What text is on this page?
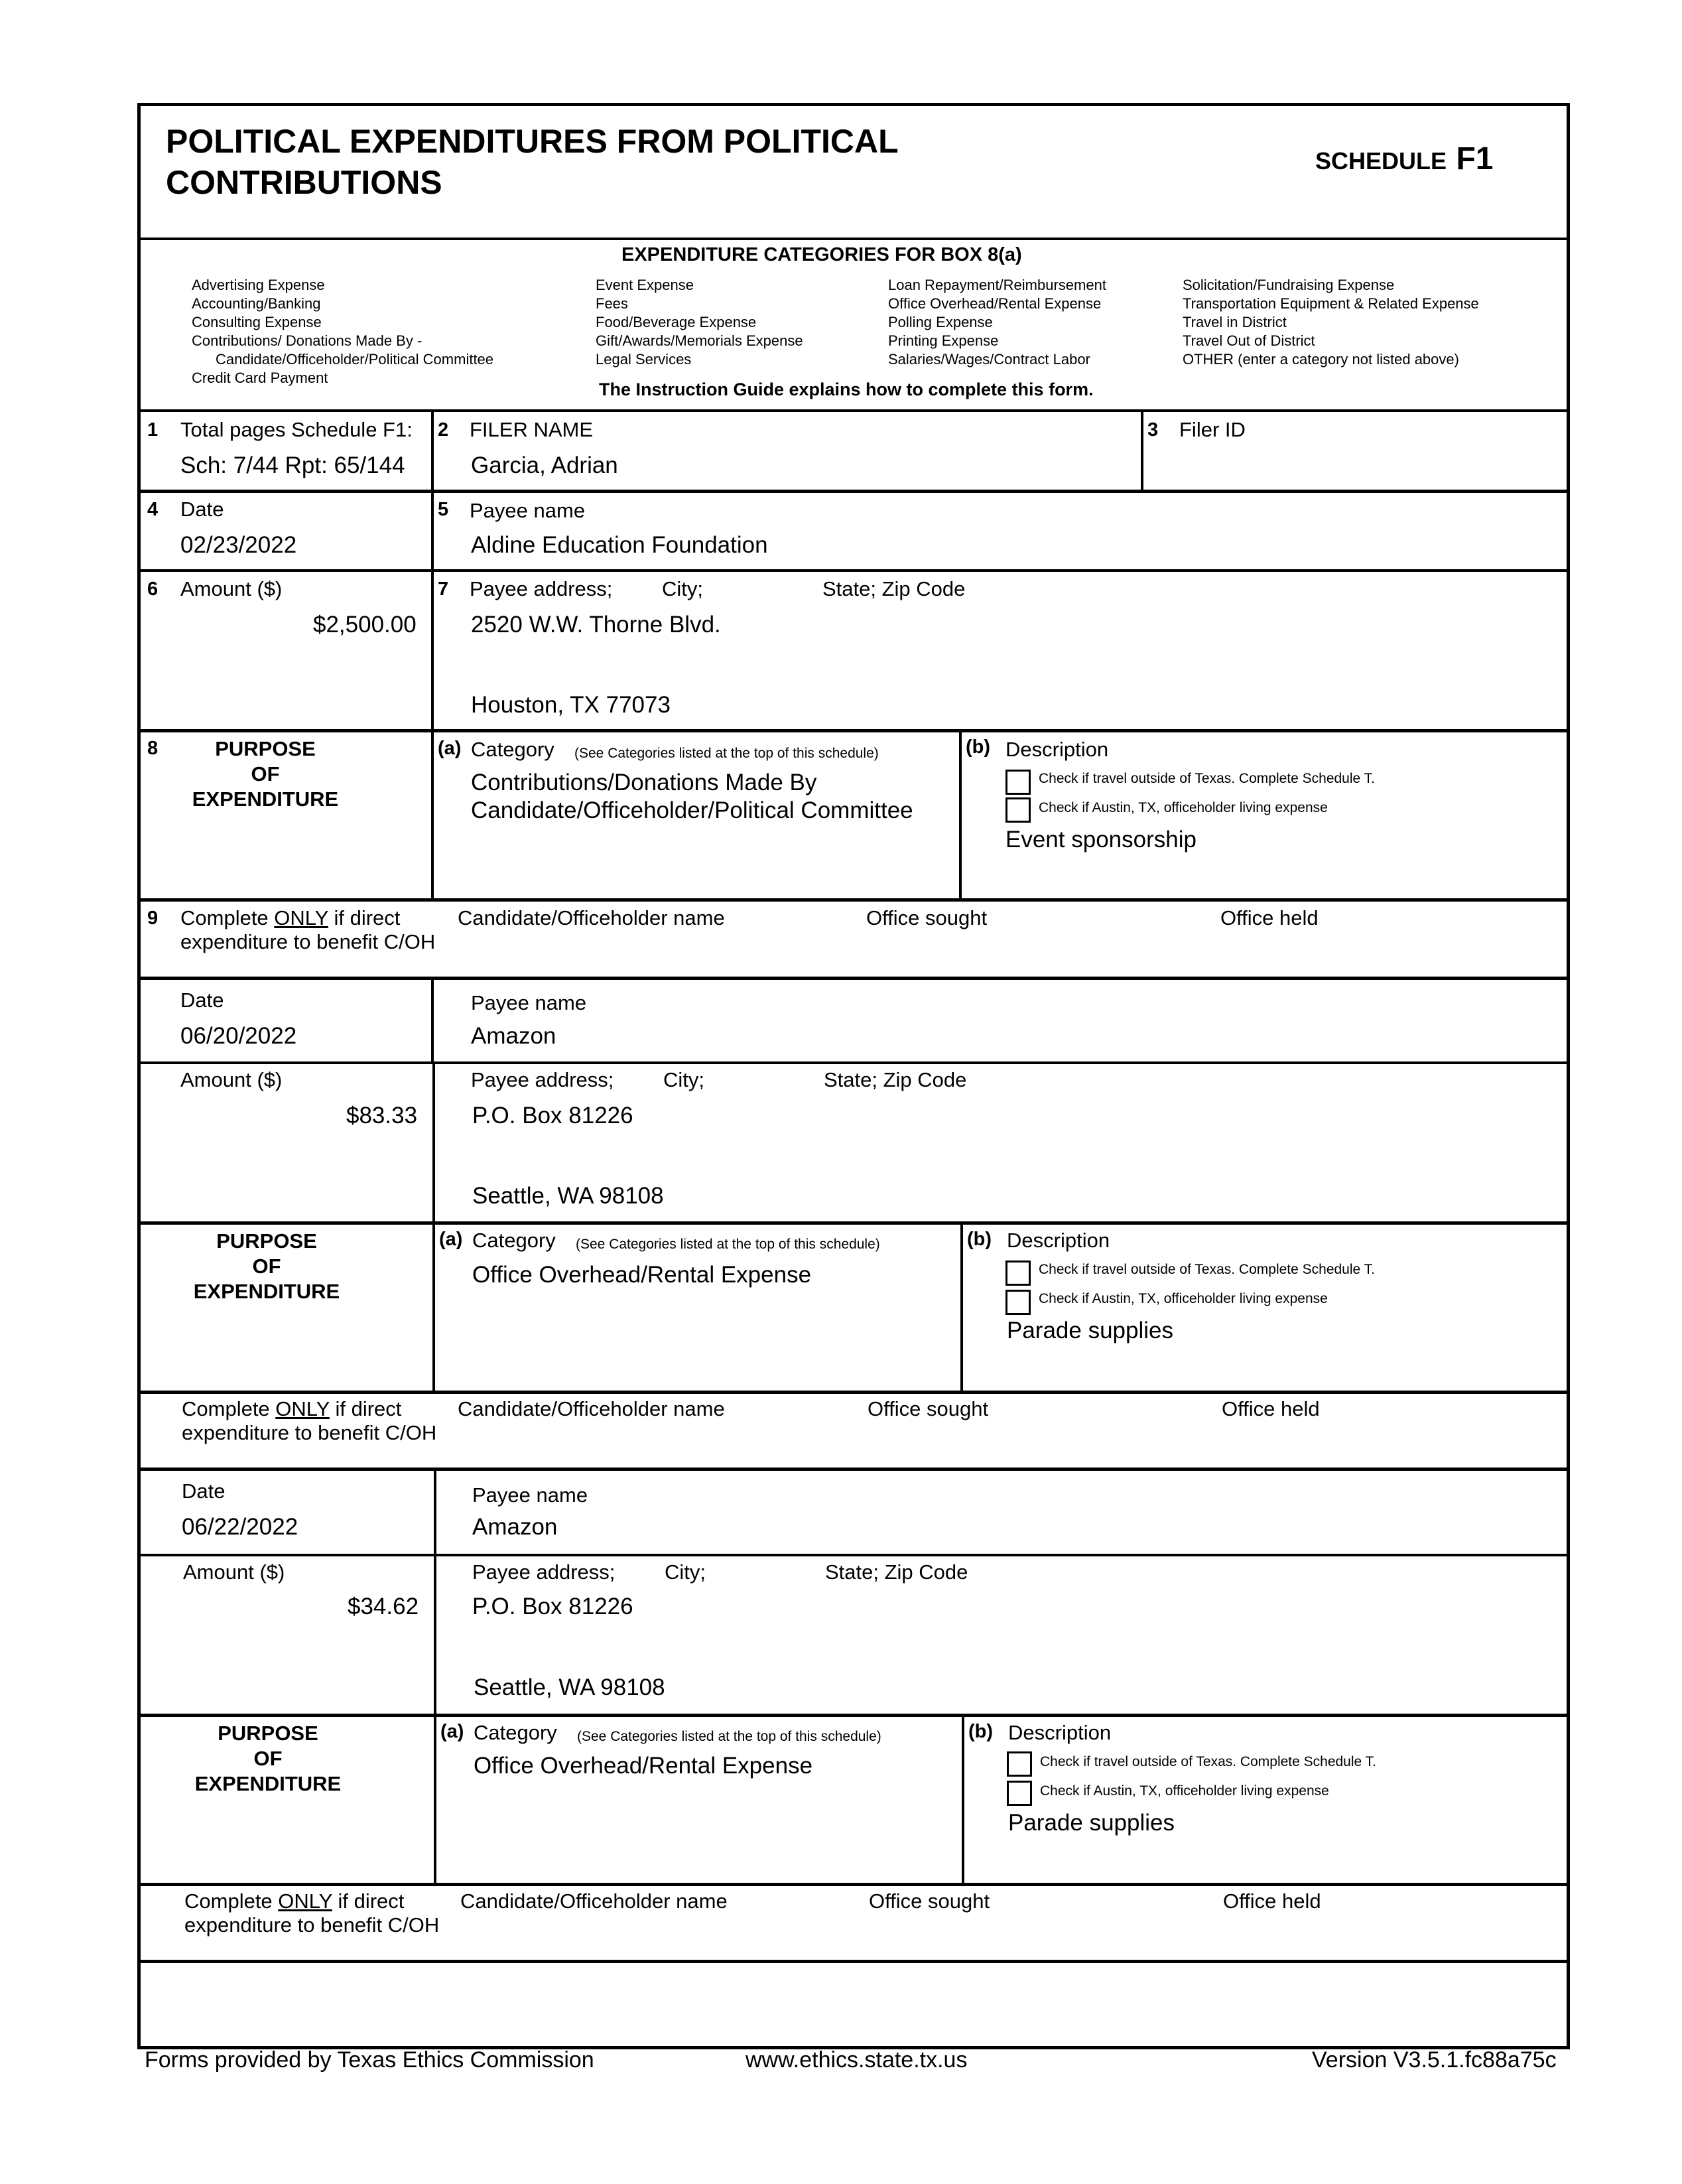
POLITICAL EXPENDITURES FROM POLITICAL
CONTRIBUTIONS
SCHEDULE F1
EXPENDITURE CATEGORIES FOR BOX 8(a)
Advertising Expense
Accounting/Banking
Consulting Expense
Contributions/ Donations Made By -
Candidate/Officeholder/Political Committee
Credit Card Payment
Event Expense
Fees
Food/Beverage Expense
Gift/Awards/Memorials Expense
Legal Services
Loan Repayment/Reimbursement
Office Overhead/Rental Expense
Polling Expense
Printing Expense
Salaries/Wages/Contract Labor
Solicitation/Fundraising Expense
Transportation Equipment & Related Expense
Travel in District
Travel Out of District
OTHER (enter a category not listed above)
The Instruction Guide explains how to complete this form.
1 Total pages Schedule F1:
Sch: 7/44 Rpt: 65/144
2 FILER NAME
Garcia, Adrian
3 Filer ID
4 Date
02/23/2022
5 Payee name
Aldine Education Foundation
6 Amount ($)
$2,500.00
7 Payee address; City;	State; Zip Code
2520 W.W. Thorne Blvd.
Houston, TX 77073
8	PURPOSE
OF
EXPENDITURE
(a) Category (See Categories listed at the top of this schedule)
Contributions/Donations Made By
Candidate/Officeholder/Political Committee
(b) Description
Check if travel outside of Texas. Complete Schedule T.
Check if Austin, TX, officeholder living expense
Event sponsorship
9 Complete ONLY if direct
expenditure to benefit C/OH
Candidate/Officeholder name	Office sought	Office held
Date
06/20/2022
Payee name
Amazon
Amount ($)
$83.33
Payee address; City;	State; Zip Code
P.O. Box 81226
Seattle, WA 98108
PURPOSE
OF
EXPENDITURE
(a) Category (See Categories listed at the top of this schedule)
Office Overhead/Rental Expense
(b) Description
Check if travel outside of Texas. Complete Schedule T.
Check if Austin, TX, officeholder living expense
Parade supplies
Complete ONLY if direct
expenditure to benefit C/OH
Candidate/Officeholder name	Office sought	Office held
Date
06/22/2022
Payee name
Amazon
Amount ($)
$34.62
Payee address; City;	State; Zip Code
P.O. Box 81226
Seattle, WA 98108
PURPOSE
OF
EXPENDITURE
(a) Category (See Categories listed at the top of this schedule)
Office Overhead/Rental Expense
(b) Description
Check if travel outside of Texas. Complete Schedule T.
Check if Austin, TX, officeholder living expense
Parade supplies
Complete ONLY if direct
expenditure to benefit C/OH
Candidate/Officeholder name	Office sought	Office held
Forms provided by Texas Ethics Commission	www.ethics.state.tx.us	Version V3.5.1.fc88a75c
